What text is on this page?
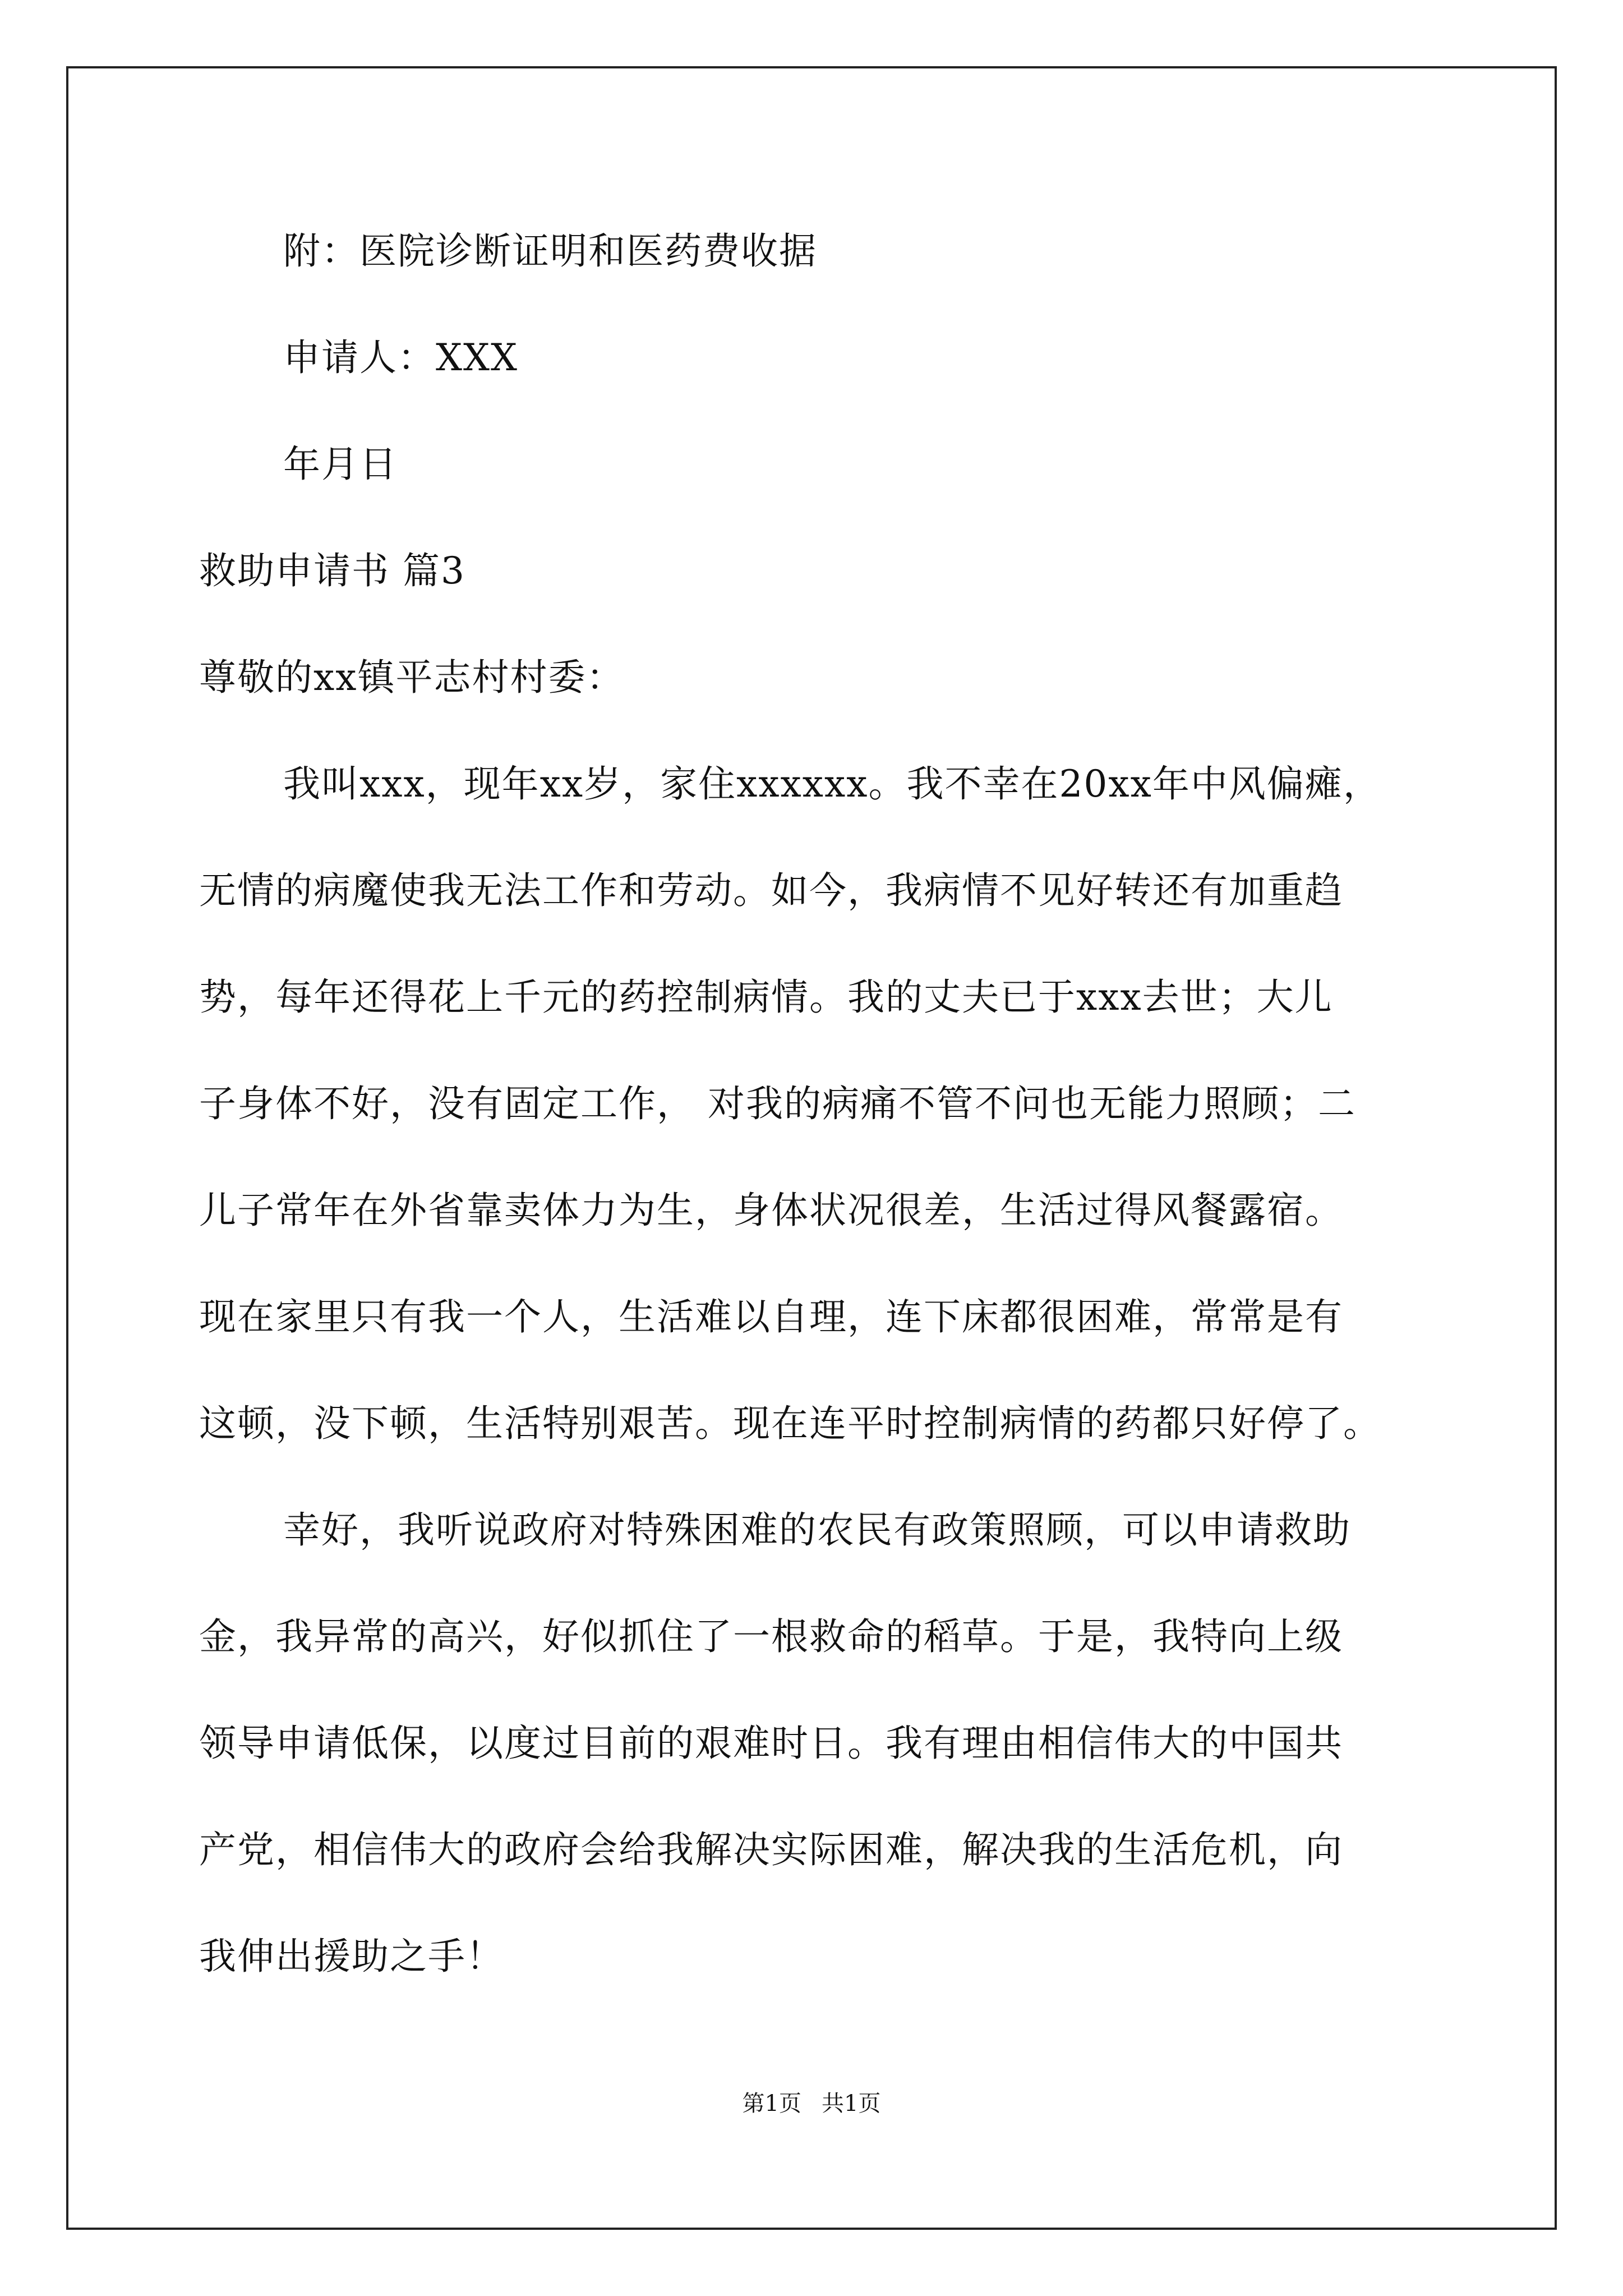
附：医院诊断证明和医药费收据
申请人：XXX
年月日
救助申请书 篇3
尊敬的xx镇平志村村委：
我叫xxx，现年xx岁，家住xxxxxx。我不幸在20xx年中风偏瘫，
无情的病魔使我无法工作和劳动。如今，我病情不见好转还有加重趋
势，每年还得花上千元的药控制病情。我的丈夫已于xxx去世；大儿
子身体不好，没有固定工作， 对我的病痛不管不问也无能力照顾；二
儿子常年在外省靠卖体力为生，身体状况很差，生活过得风餐露宿。
现在家里只有我一个人，生活难以自理，连下床都很困难，常常是有
这顿，没下顿，生活特别艰苦。现在连平时控制病情的药都只好停了。
幸好，我听说政府对特殊困难的农民有政策照顾，可以申请救助
金，我异常的高兴，好似抓住了一根救命的稻草。于是，我特向上级
领导申请低保，以度过目前的艰难时日。我有理由相信伟大的中国共
产党，相信伟大的政府会给我解决实际困难，解决我的生活危机，向
我伸出援助之手！
第1页 共1页
